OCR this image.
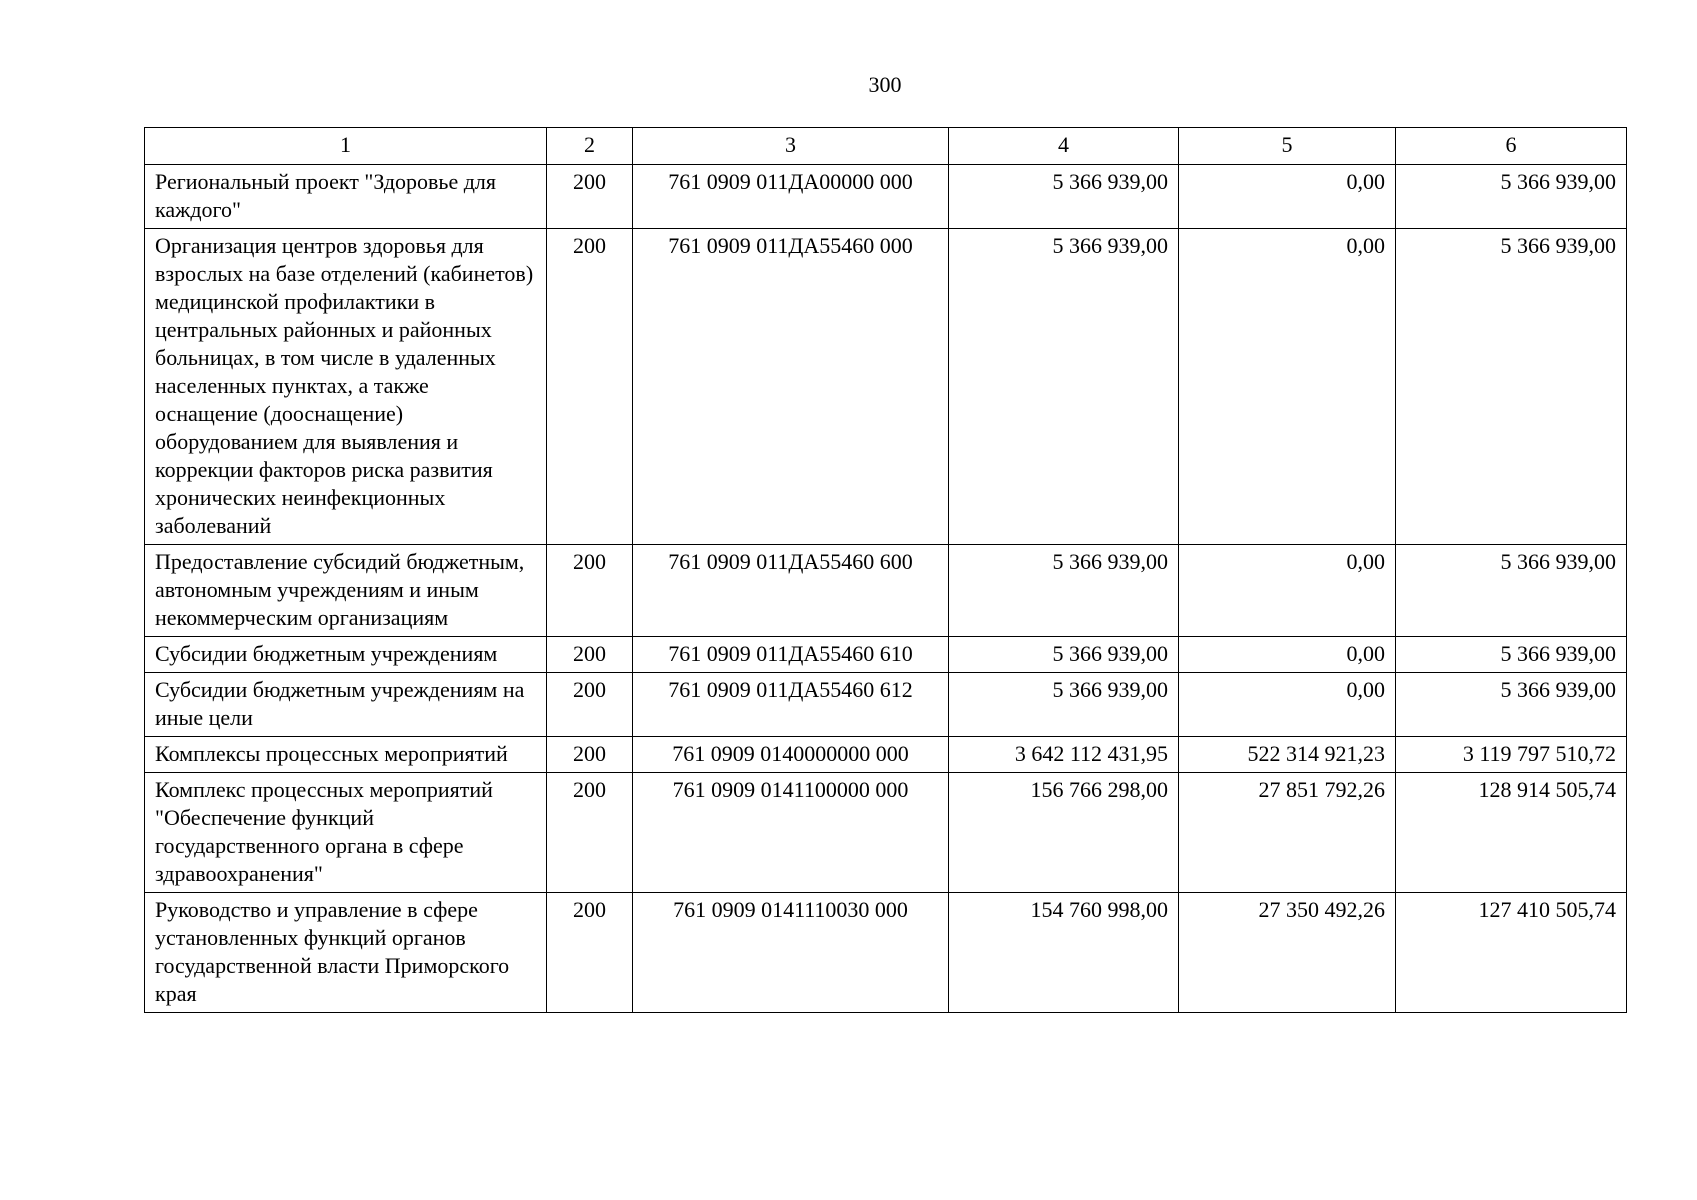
300
1	2	3	4	5	6
Региональный проект "Здоровье для каждого"	200	761 0909 011ДА00000 000	5 366 939,00	0,00	5 366 939,00
Организация центров здоровья для взрослых на базе отделений (кабинетов) медицинской профилактики в центральных районных и районных больницах, в том числе в удаленных населенных пунктах, а также оснащение (дооснащение) оборудованием для выявления и коррекции факторов риска развития хронических неинфекционных заболеваний	200	761 0909 011ДА55460 000	5 366 939,00	0,00	5 366 939,00
Предоставление субсидий бюджетным, автономным учреждениям и иным некоммерческим организациям	200	761 0909 011ДА55460 600	5 366 939,00	0,00	5 366 939,00
Субсидии бюджетным учреждениям	200	761 0909 011ДА55460 610	5 366 939,00	0,00	5 366 939,00
Субсидии бюджетным учреждениям на иные цели	200	761 0909 011ДА55460 612	5 366 939,00	0,00	5 366 939,00
Комплексы процессных мероприятий	200	761 0909 0140000000 000	3 642 112 431,95	522 314 921,23	3 119 797 510,72
Комплекс процессных мероприятий "Обеспечение функций государственного органа в сфере здравоохранения"	200	761 0909 0141100000 000	156 766 298,00	27 851 792,26	128 914 505,74
Руководство и управление в сфере установленных функций органов государственной власти Приморского края	200	761 0909 0141110030 000	154 760 998,00	27 350 492,26	127 410 505,74
